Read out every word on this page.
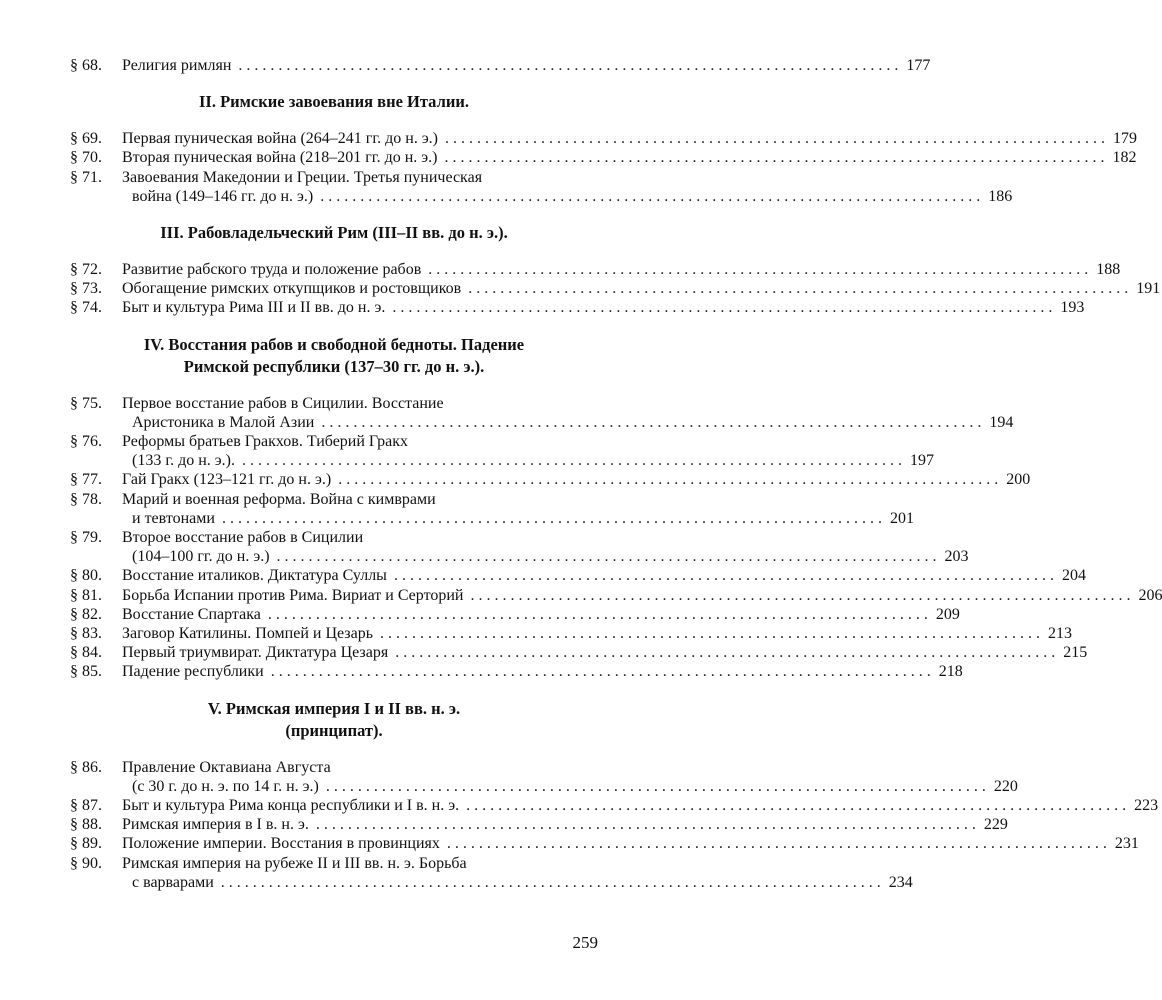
§ 68.	Религия римлян . . .	177
II. Римские завоевания вне Италии.
§ 69.	Первая пуническая война (264–241 гг. до н. э.) . . .	179
§ 70.	Вторая пуническая война (218–201 гг. до н. э.) . . .	182
§ 71.	Завоевания Македонии и Греции. Третья пуническая
война (149–146 гг. до н. э.) . . .	186
III. Рабовладельческий Рим (III–II вв. до н. э.).
§ 72.	Развитие рабского труда и положение рабов . . .	188
§ 73.	Обогащение римских откупщиков и ростовщиков . . .	191
§ 74.	Быт и культура Рима III и II вв. до н. э. . . .	193
IV. Восстания рабов и свободной бедноты. Падение
Римской республики (137–30 гг. до н. э.).
§ 75.	Первое восстание рабов в Сицилии. Восстание
Аристоника в Малой Азии . . .	194
§ 76.	Реформы братьев Гракхов. Тиберий Гракх
(133 г. до н. э.). . . .	197
§ 77.	Гай Гракх (123–121 гг. до н. э.) . . .	200
§ 78.	Марий и военная реформа. Война с кимврами
и тевтонами . . .	201
§ 79.	Второе восстание рабов в Сицилии
(104–100 гг. до н. э.) . . .	203
§ 80.	Восстание италиков. Диктатура Суллы . . .	204
§ 81.	Борьба Испании против Рима. Вириат и Серторий . . .	206
§ 82.	Восстание Спартака . . .	209
§ 83.	Заговор Катилины. Помпей и Цезарь . . .	213
§ 84.	Первый триумвират. Диктатура Цезаря . . .	215
§ 85.	Падение республики . . .	218
V. Римская империя I и II вв. н. э.
(принципат).
§ 86.	Правление Октавиана Августа
(с 30 г. до н. э. по 14 г. н. э.) . . .	220
§ 87.	Быт и культура Рима конца республики и I в. н. э. . . .	223
§ 88.	Римская империя в I в. н. э. . . .	229
§ 89.	Положение империи. Восстания в провинциях . . .	231
§ 90.	Римская империя на рубеже II и III вв. н. э. Борьба
с варварами . . .	234
259
